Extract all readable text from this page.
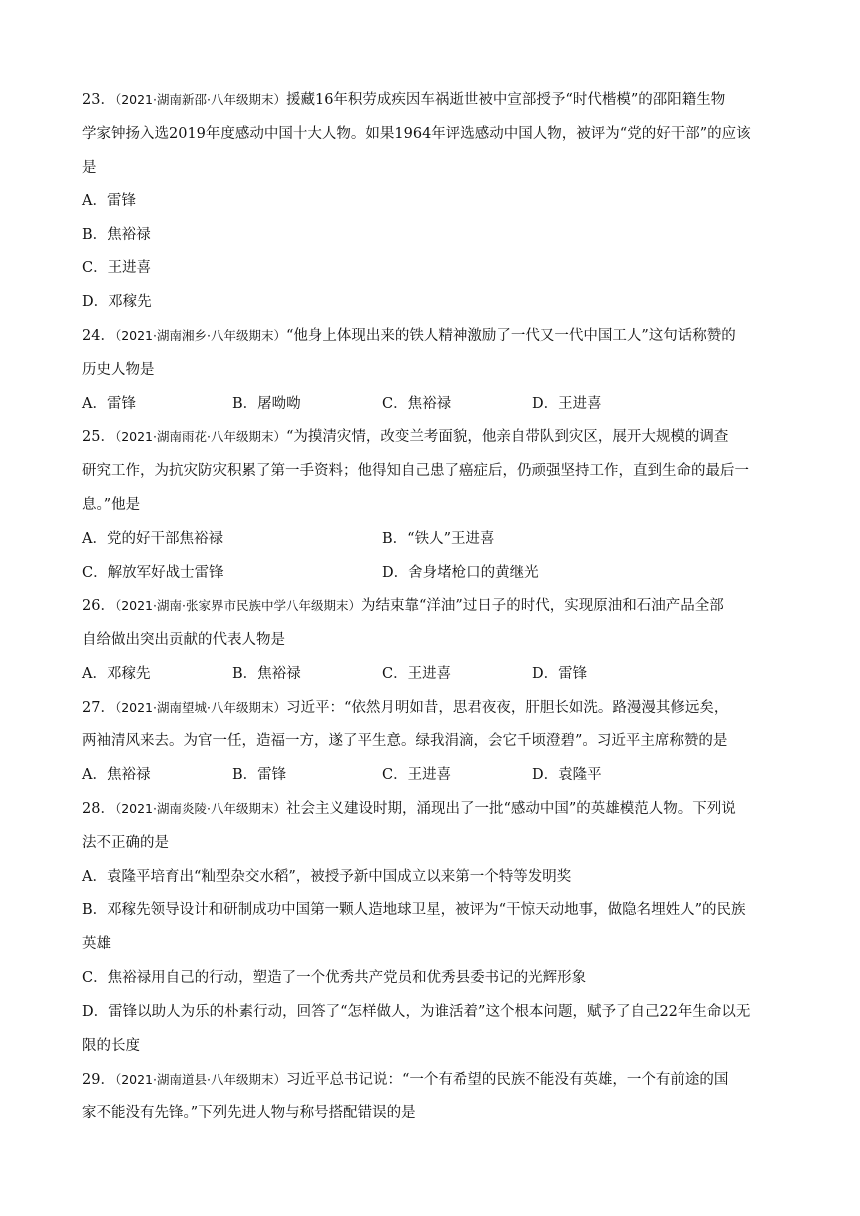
23．（2021·湖南新邵·八年级期末）援藏16年积劳成疾因车祸逝世被中宣部授予“时代楷模”的邵阳籍生物
学家钟扬入选2019年度感动中国十大人物。如果1964年评选感动中国人物，被评为“党的好干部”的应该
是
A．雷锋
B．焦裕禄
C．王进喜
D．邓稼先
24．（2021·湖南湘乡·八年级期末）“他身上体现出来的铁人精神激励了一代又一代中国工人”这句话称赞的
历史人物是
A．雷锋	B．屠呦呦	C．焦裕禄	D．王进喜
25．（2021·湖南雨花·八年级期末）“为摸清灾情，改变兰考面貌，他亲自带队到灾区，展开大规模的调查
研究工作，为抗灾防灾积累了第一手资料；他得知自己患了癌症后，仍顽强坚持工作，直到生命的最后一
息。”他是
A．党的好干部焦裕禄	B．“铁人”王进喜
C．解放军好战士雷锋	D．舍身堵枪口的黄继光
26．（2021·湖南·张家界市民族中学八年级期末）为结束靠“洋油”过日子的时代，实现原油和石油产品全部
自给做出突出贡献的代表人物是
A．邓稼先	B．焦裕禄	C．王进喜	D．雷锋
27．（2021·湖南望城·八年级期末）习近平：“依然月明如昔，思君夜夜，肝胆长如洗。路漫漫其修远矣，
两袖清风来去。为官一任，造福一方，遂了平生意。绿我涓滴，会它千顷澄碧”。习近平主席称赞的是
A．焦裕禄	B．雷锋	C．王进喜	D．袁隆平
28．（2021·湖南炎陵·八年级期末）社会主义建设时期，涌现出了一批“感动中国”的英雄模范人物。下列说
法不正确的是
A．袁隆平培育出“籼型杂交水稻”，被授予新中国成立以来第一个特等发明奖
B．邓稼先领导设计和研制成功中国第一颗人造地球卫星，被评为“干惊天动地事，做隐名埋姓人”的民族
英雄
C．焦裕禄用自己的行动，塑造了一个优秀共产党员和优秀县委书记的光辉形象
D．雷锋以助人为乐的朴素行动，回答了“怎样做人，为谁活着”这个根本问题，赋予了自己22年生命以无
限的长度
29．（2021·湖南道县·八年级期末）习近平总书记说：“一个有希望的民族不能没有英雄，一个有前途的国
家不能没有先锋。”下列先进人物与称号搭配错误的是
